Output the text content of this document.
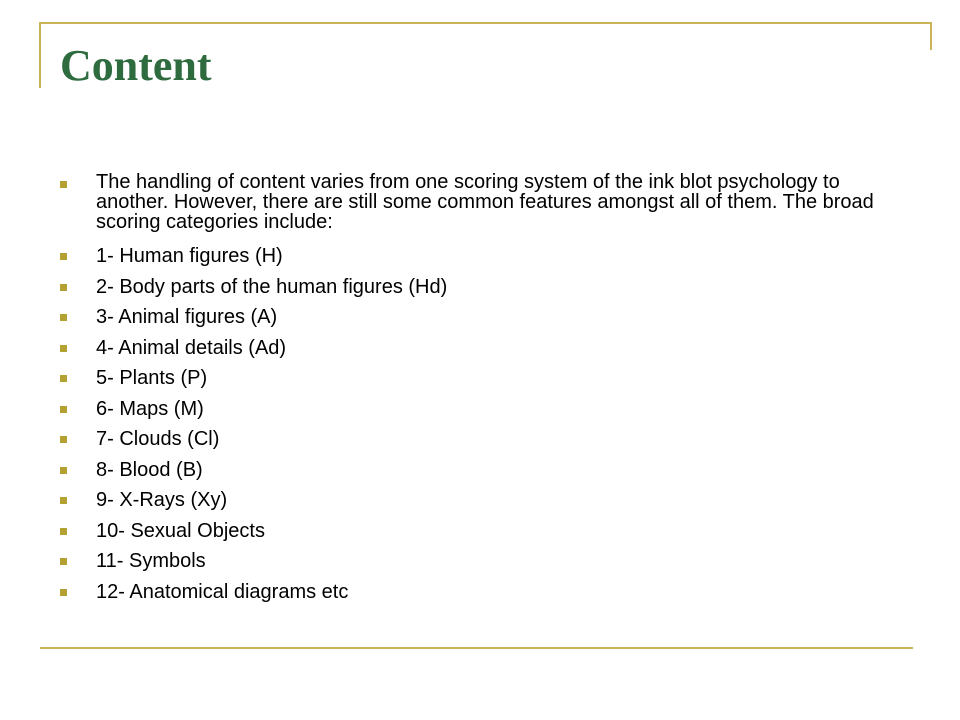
Content
The handling of content varies from one scoring system of the ink blot psychology to another. However, there are still some common features amongst all of them. The broad scoring categories include:
1- Human figures (H)
2- Body parts of the human figures (Hd)
3- Animal figures (A)
4- Animal details (Ad)
5- Plants (P)
6- Maps (M)
7- Clouds (Cl)
8- Blood (B)
9- X-Rays (Xy)
10- Sexual Objects
11- Symbols
12- Anatomical diagrams etc
